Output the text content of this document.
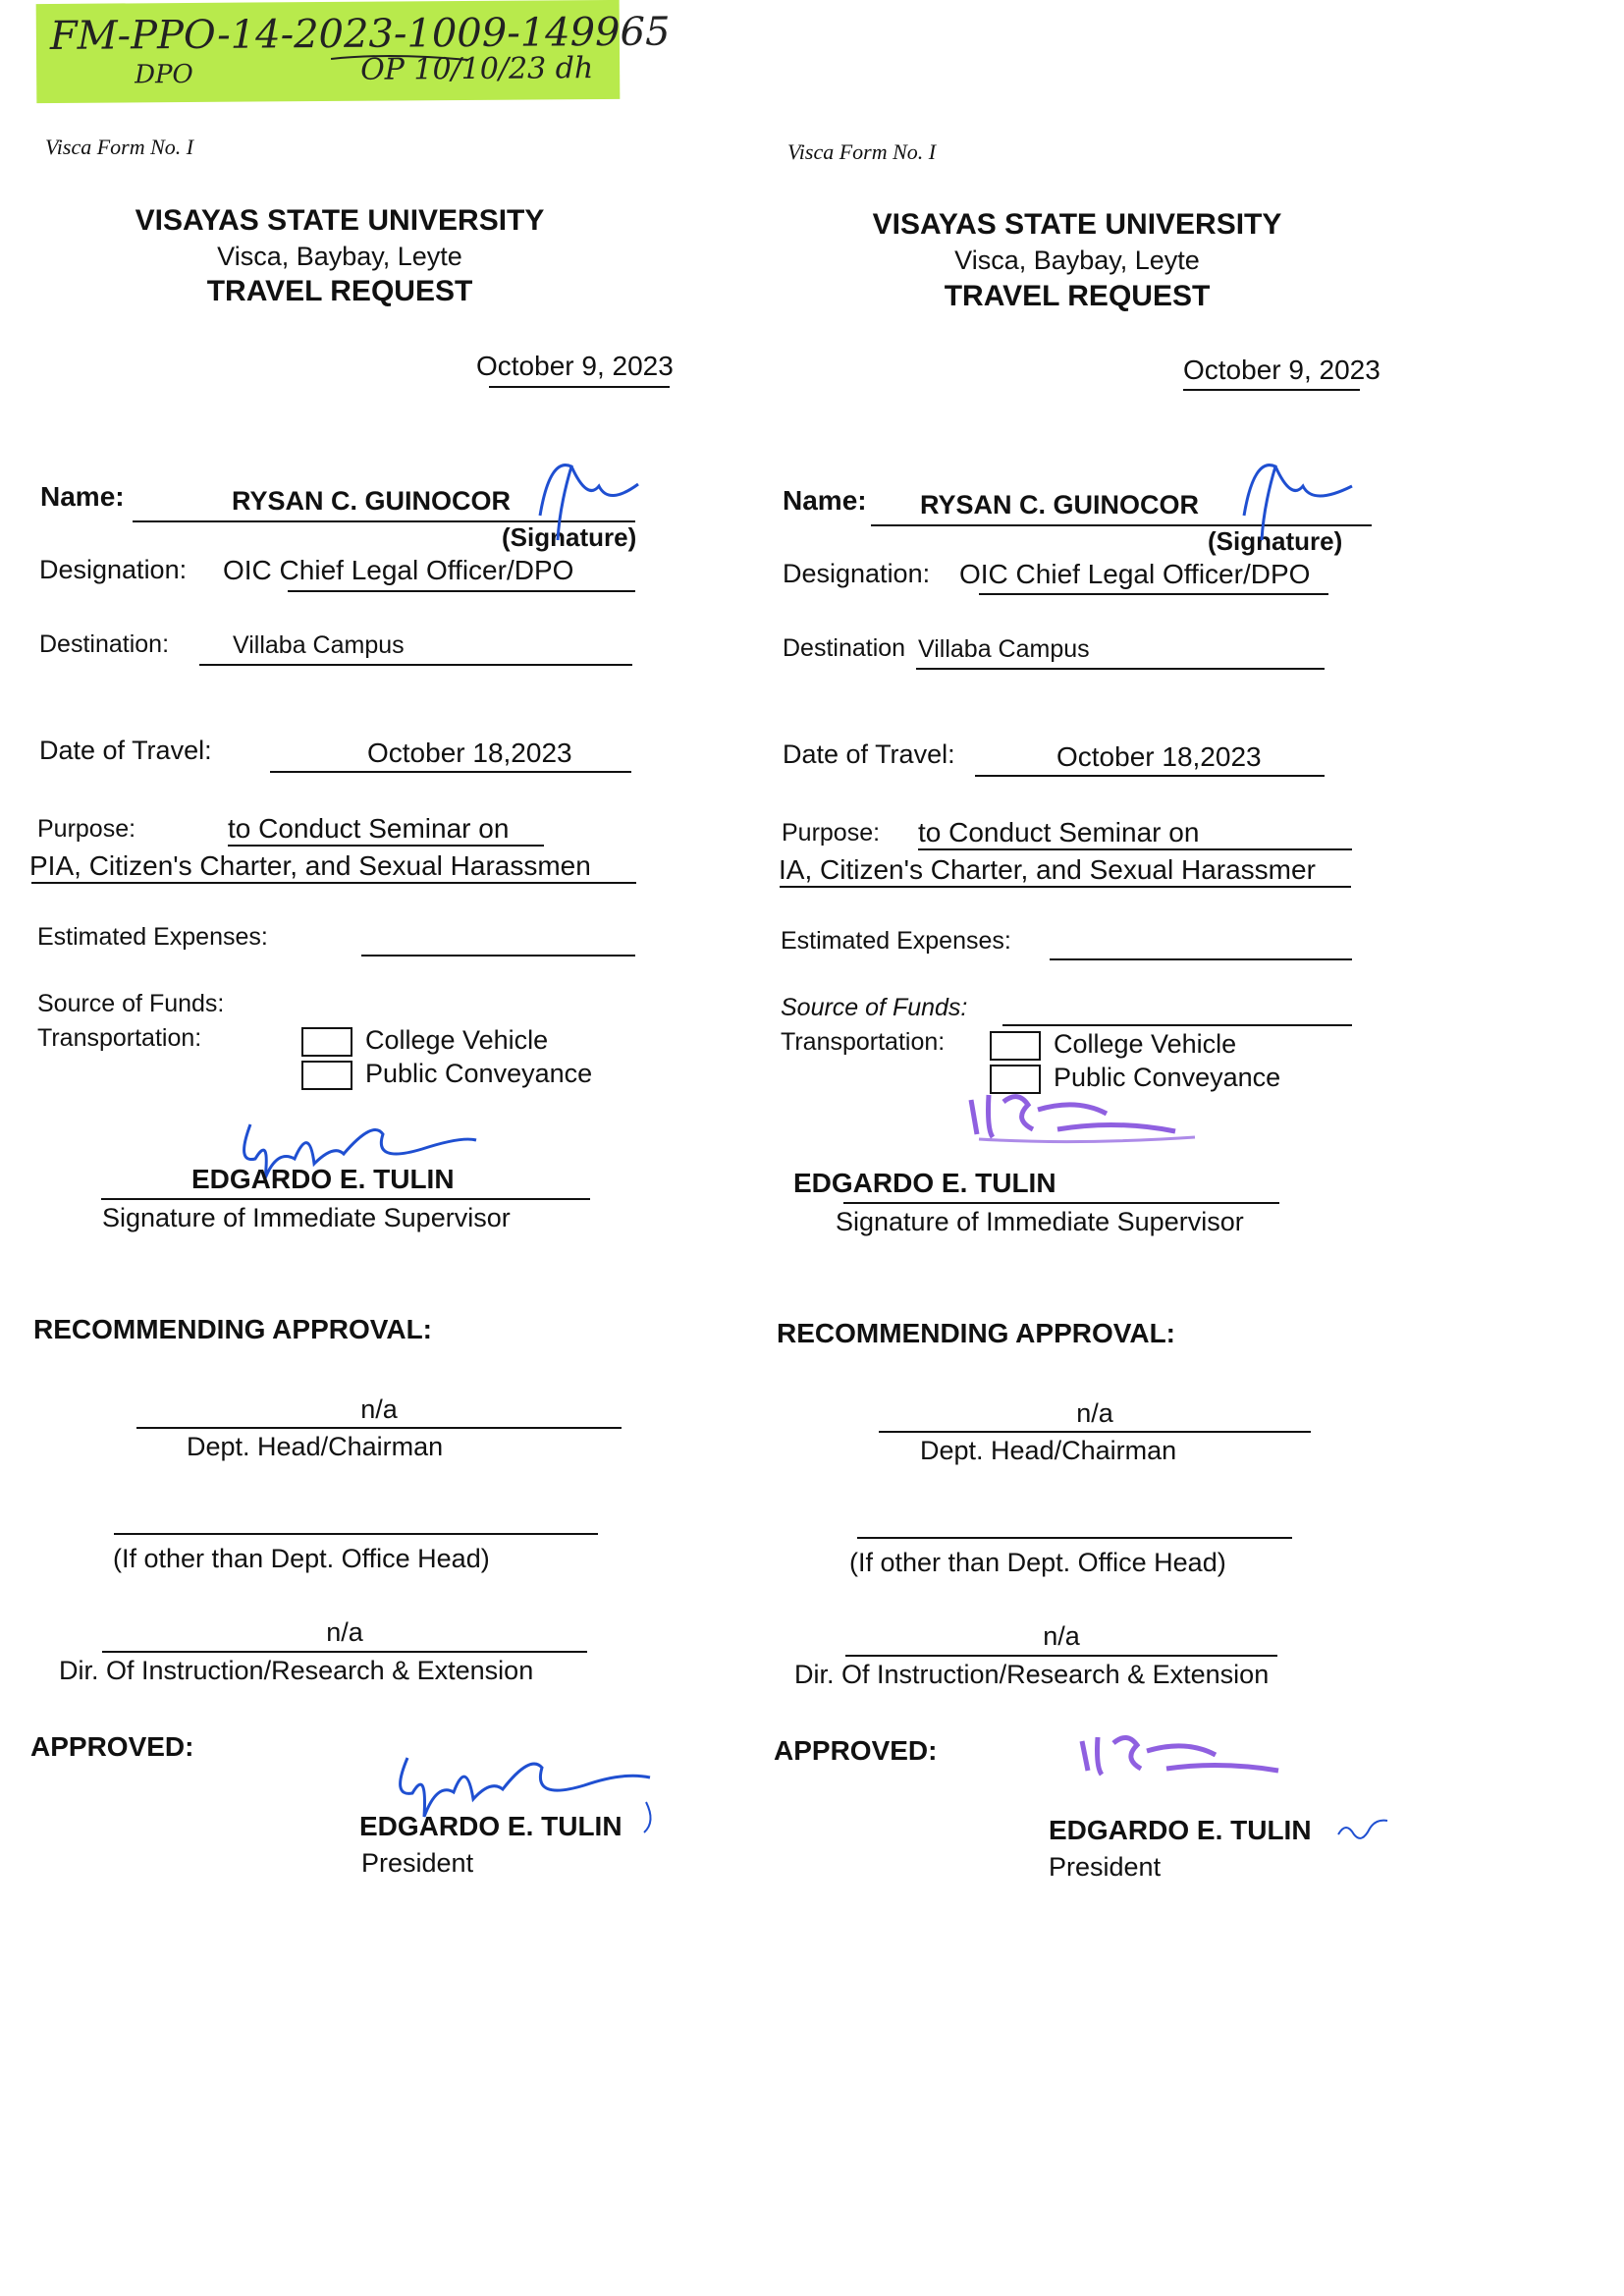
FM-PPO-14-2023-1009-149965
DPO	OP 10/10/23 dh
Visca Form No. I
VISAYAS STATE UNIVERSITY
Visca, Baybay, Leyte
TRAVEL REQUEST
October 9, 2023
Name:	RYSAN C. GUINOCOR
(Signature)
Designation: OIC Chief Legal Officer/DPO
Destination:	Villaba Campus
Date of Travel:	October 18,2023
Purpose:	to Conduct Seminar on
PIA, Citizen's Charter, and Sexual Harassmen
Estimated Expenses:
Source of Funds:
Transportation:	College Vehicle
Public Conveyance
EDGARDO E. TULIN
Signature of Immediate Supervisor
RECOMMENDING APPROVAL:
n/a
Dept. Head/Chairman
(If other than Dept. Office Head)
n/a
Dir. Of Instruction/Research & Extension
APPROVED:
EDGARDO E. TULIN
President
Visca Form No. I
VISAYAS STATE UNIVERSITY
Visca, Baybay, Leyte
TRAVEL REQUEST
October 9, 2023
Name: RYSAN C. GUINOCOR
(Signature)
Designation: OIC Chief Legal Officer/DPO
Destination Villaba Campus
Date of Travel:	October 18,2023
Purpose: to Conduct Seminar on
IA, Citizen's Charter, and Sexual Harassmer
Estimated Expenses:
Source of Funds:
Transportation:	College Vehicle
Public Conveyance
EDGARDO E. TULIN
Signature of Immediate Supervisor
RECOMMENDING APPROVAL:
n/a
Dept. Head/Chairman
(If other than Dept. Office Head)
n/a
Dir. Of Instruction/Research & Extension
APPROVED:
EDGARDO E. TULIN
President
